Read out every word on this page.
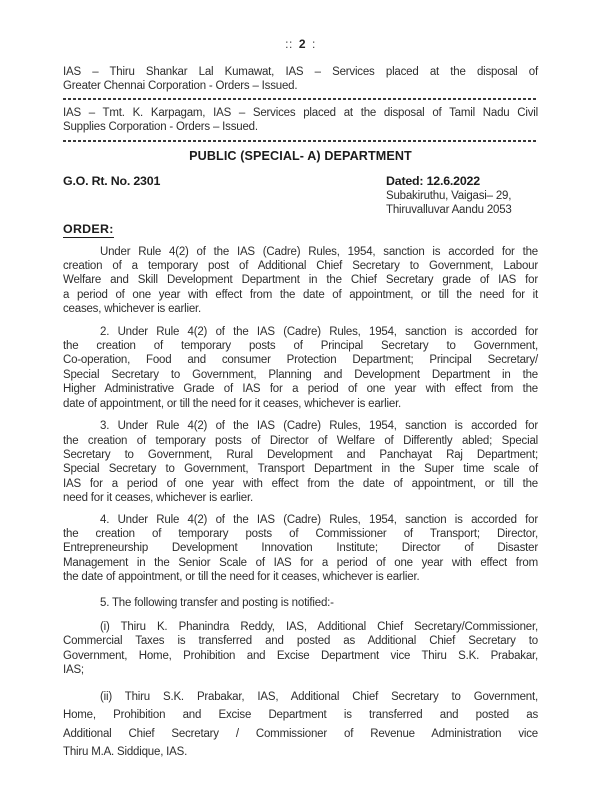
:: 2 :
IAS – Thiru Shankar Lal Kumawat, IAS – Services placed at the disposal of
Greater Chennai Corporation - Orders – Issued.
IAS – Tmt. K. Karpagam, IAS – Services placed at the disposal of Tamil Nadu Civil
Supplies Corporation - Orders – Issued.
PUBLIC (SPECIAL- A) DEPARTMENT
G.O. Rt. No. 2301	Dated: 12.6.2022
Subakiruthu, Vaigasi– 29,
Thiruvalluvar Aandu 2053
ORDER:
Under Rule 4(2) of the IAS (Cadre) Rules, 1954, sanction is accorded for the
creation of a temporary post of Additional Chief Secretary to Government, Labour
Welfare and Skill Development Department in the Chief Secretary grade of IAS for
a period of one year with effect from the date of appointment, or till the need for it
ceases, whichever is earlier.
2. Under Rule 4(2) of the IAS (Cadre) Rules, 1954, sanction is accorded for
the creation of temporary posts of Principal Secretary to Government,
Co-operation, Food and consumer Protection Department; Principal Secretary/
Special Secretary to Government, Planning and Development Department in the
Higher Administrative Grade of IAS for a period of one year with effect from the
date of appointment, or till the need for it ceases, whichever is earlier.
3. Under Rule 4(2) of the IAS (Cadre) Rules, 1954, sanction is accorded for
the creation of temporary posts of Director of Welfare of Differently abled; Special
Secretary to Government, Rural Development and Panchayat Raj Department;
Special Secretary to Government, Transport Department in the Super time scale of
IAS for a period of one year with effect from the date of appointment, or till the
need for it ceases, whichever is earlier.
4. Under Rule 4(2) of the IAS (Cadre) Rules, 1954, sanction is accorded for
the creation of temporary posts of Commissioner of Transport; Director,
Entrepreneurship Development Innovation Institute; Director of Disaster
Management in the Senior Scale of IAS for a period of one year with effect from
the date of appointment, or till the need for it ceases, whichever is earlier.
5. The following transfer and posting is notified:-
(i) Thiru K. Phanindra Reddy, IAS, Additional Chief Secretary/Commissioner,
Commercial Taxes is transferred and posted as Additional Chief Secretary to
Government, Home, Prohibition and Excise Department vice Thiru S.K. Prabakar,
IAS;
(ii) Thiru S.K. Prabakar, IAS, Additional Chief Secretary to Government,
Home, Prohibition and Excise Department is transferred and posted as
Additional Chief Secretary / Commissioner of Revenue Administration vice
Thiru M.A. Siddique, IAS.
